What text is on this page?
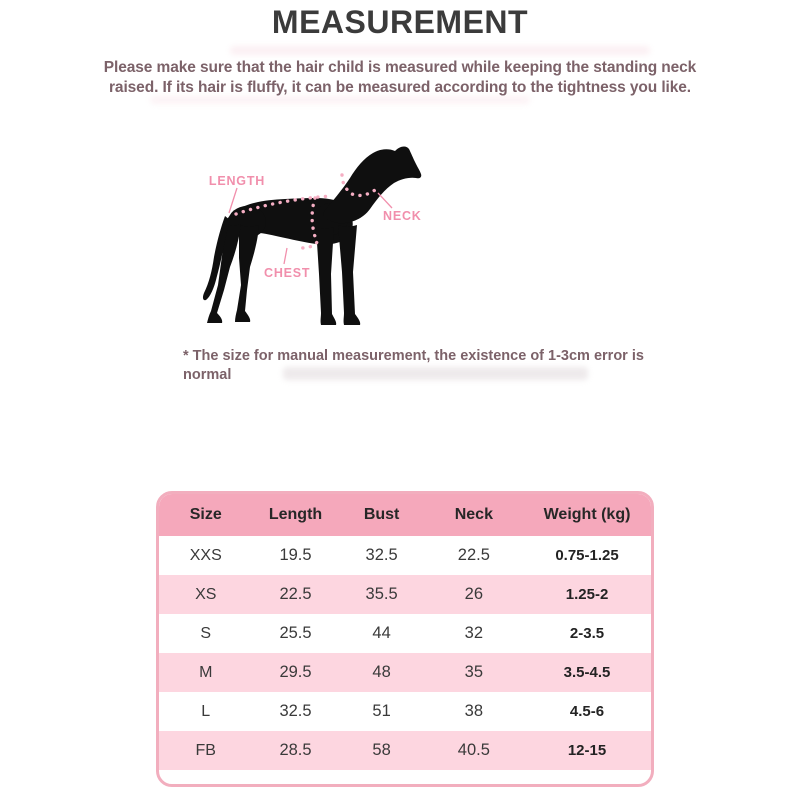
MEASUREMENT
Please make sure that the hair child is measured while keeping the standing neck
raised. If its hair is fluffy, it can be measured according to the tightness you like.
LENGTH
NECK
CHEST
* The size for manual measurement, the existence of 1-3cm error is
normal
Size	Length	Bust	Neck	Weight (kg)
XXS	19.5	32.5	22.5	0.75-1.25
XS	22.5	35.5	26	1.25-2
S	25.5	44	32	2-3.5
M	29.5	48	35	3.5-4.5
L	32.5	51	38	4.5-6
FB	28.5	58	40.5	12-15
